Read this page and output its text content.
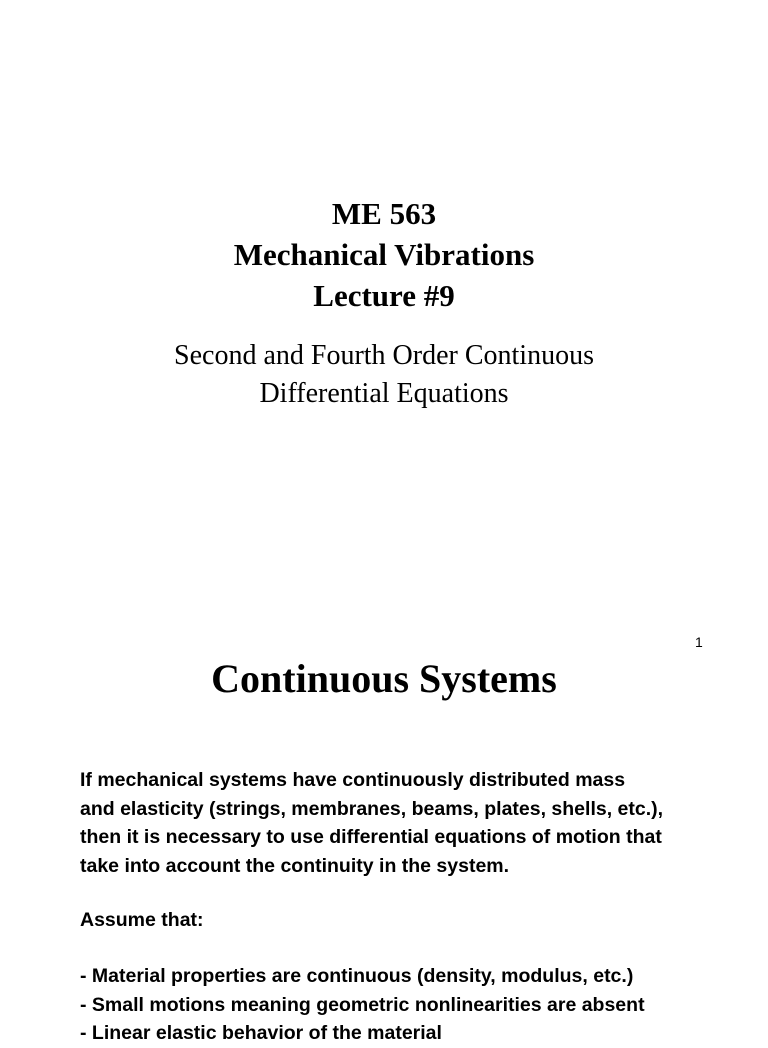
ME 563
Mechanical Vibrations
Lecture #9
Second and Fourth Order Continuous
Differential Equations
1
Continuous Systems
If mechanical systems have continuously distributed mass
and elasticity (strings, membranes, beams, plates, shells, etc.),
then it is necessary to use differential equations of motion that
take into account the continuity in the system.
Assume that:
- Material properties are continuous (density, modulus, etc.)
- Small motions meaning geometric nonlinearities are absent
- Linear elastic behavior of the material
